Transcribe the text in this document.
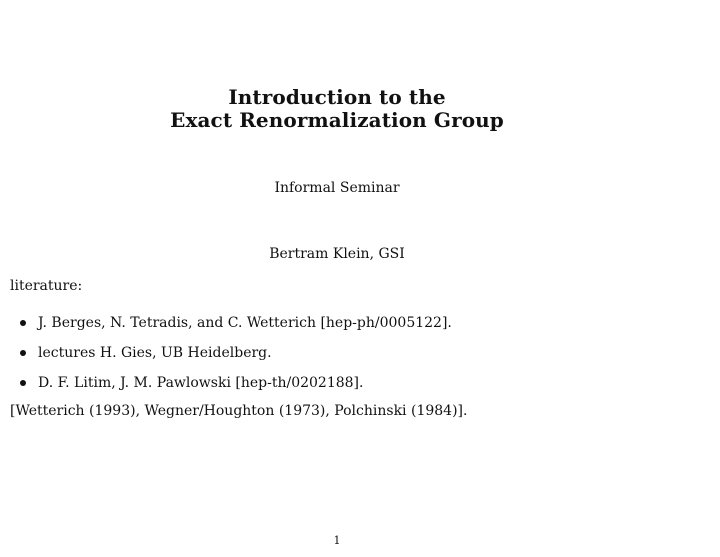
Introduction to the
Exact Renormalization Group
Informal Seminar
Bertram Klein, GSI
literature:
J. Berges, N. Tetradis, and C. Wetterich [hep-ph/0005122].
lectures H. Gies, UB Heidelberg.
D. F. Litim, J. M. Pawlowski [hep-th/0202188].
[Wetterich (1993), Wegner/Houghton (1973), Polchinski (1984)].
1
